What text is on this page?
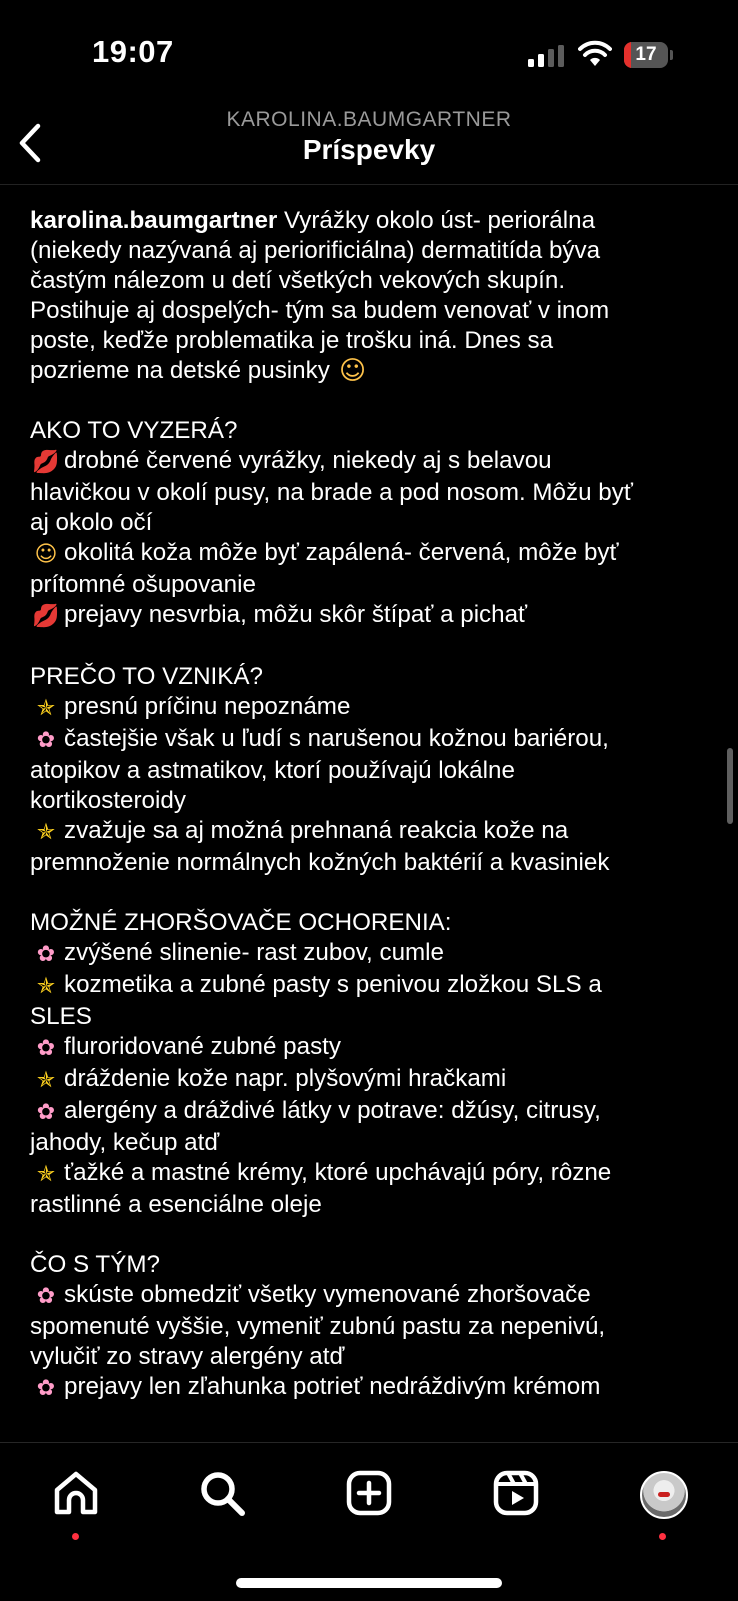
19:07	17
KAROLINA.BAUMGARTNER
Príspevky
karolina.baumgartner Vyrážky okolo úst- periorálna
(niekedy nazývaná aj periorificiálna) dermatitída býva
častým nálezom u detí všetkých vekových skupín.
Postihuje aj dospelých- tým sa budem venovať v inom
poste, keďže problematika je trošku iná. Dnes sa
pozrieme na detské pusinky ☺
AKO TO VYZERÁ?
💋 drobné červené vyrážky, niekedy aj s belavou
hlavičkou v okolí pusy, na brade a pod nosom. Môžu byť
aj okolo očí
☺ okolitá koža môže byť zapálená- červená, môže byť
prítomné ošupovanie
💋 prejavy nesvrbia, môžu skôr štípať a pichať
PREČO TO VZNIKÁ?
✯ presnú príčinu nepoznáme
✿ častejšie však u ľudí s narušenou kožnou bariérou,
atopikov a astmatikov, ktorí používajú lokálne
kortikosteroidy
✯ zvažuje sa aj možná prehnaná reakcia kože na
premnoženie normálnych kožných baktérií a kvasiniek
MOŽNÉ ZHORŠOVAČE OCHORENIA:
✿ zvýšené slinenie- rast zubov, cumle
✯ kozmetika a zubné pasty s penivou zložkou SLS a
SLES
✿ fluroridované zubné pasty
✯ dráždenie kože napr. plyšovými hračkami
✿ alergény a dráždivé látky v potrave: džúsy, citrusy,
jahody, kečup atď
✯ ťažké a mastné krémy, ktoré upchávajú póry, rôzne
rastlinné a esenciálne oleje
ČO S TÝM?
✿ skúste obmedziť všetky vymenované zhoršovače
spomenuté vyššie, vymeniť zubnú pastu za nepenivú,
vylučiť zo stravy alergény atď
✿ prejavy len zľahunka potrieť nedráždivým krémom
